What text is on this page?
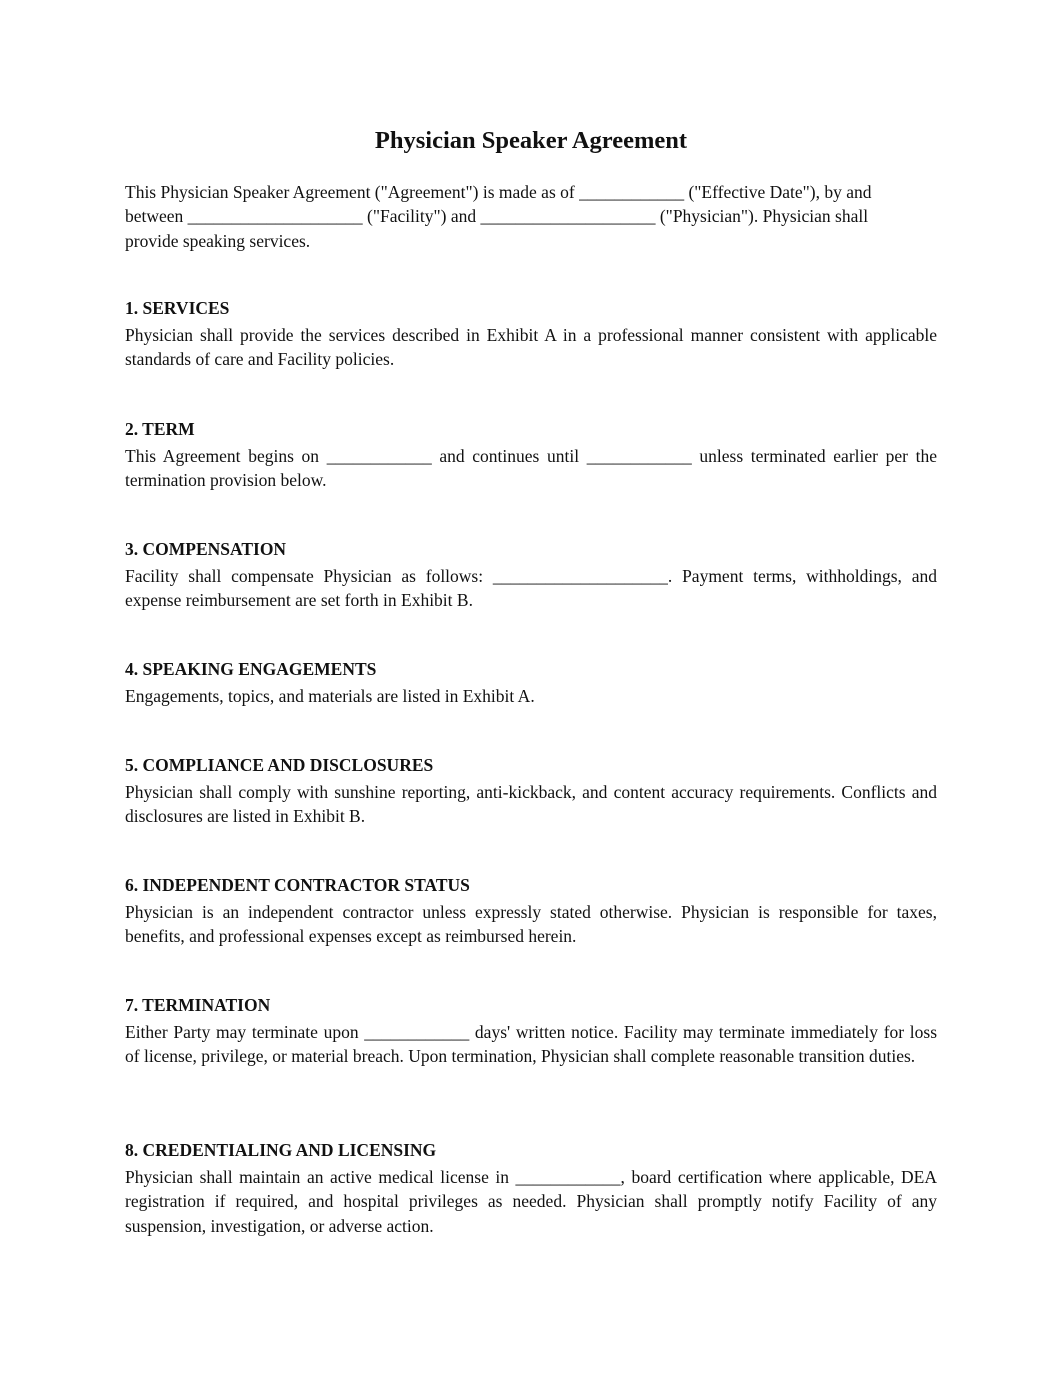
Physician Speaker Agreement

This Physician Speaker Agreement ("Agreement") is made as of ____________ ("Effective Date"), by and between ____________________ ("Facility") and ____________________ ("Physician"). Physician shall provide speaking services.

1. SERVICES

Physician shall provide the services described in Exhibit A in a professional manner consistent with applicable standards of care and Facility policies.

2. TERM

This Agreement begins on ____________ and continues until ____________ unless terminated earlier per the termination provision below.

3. COMPENSATION

Facility shall compensate Physician as follows: ____________________. Payment terms, withholdings, and expense reimbursement are set forth in Exhibit B.

4. SPEAKING ENGAGEMENTS

Engagements, topics, and materials are listed in Exhibit A.

5. COMPLIANCE AND DISCLOSURES

Physician shall comply with sunshine reporting, anti-kickback, and content accuracy requirements. Conflicts and disclosures are listed in Exhibit B.

6. INDEPENDENT CONTRACTOR STATUS

Physician is an independent contractor unless expressly stated otherwise. Physician is responsible for taxes, benefits, and professional expenses except as reimbursed herein.

7. TERMINATION

Either Party may terminate upon ____________ days' written notice. Facility may terminate immediately for loss of license, privilege, or material breach. Upon termination, Physician shall complete reasonable transition duties.

8. CREDENTIALING AND LICENSING

Physician shall maintain an active medical license in ____________, board certification where applicable, DEA registration if required, and hospital privileges as needed. Physician shall promptly notify Facility of any suspension, investigation, or adverse action.
